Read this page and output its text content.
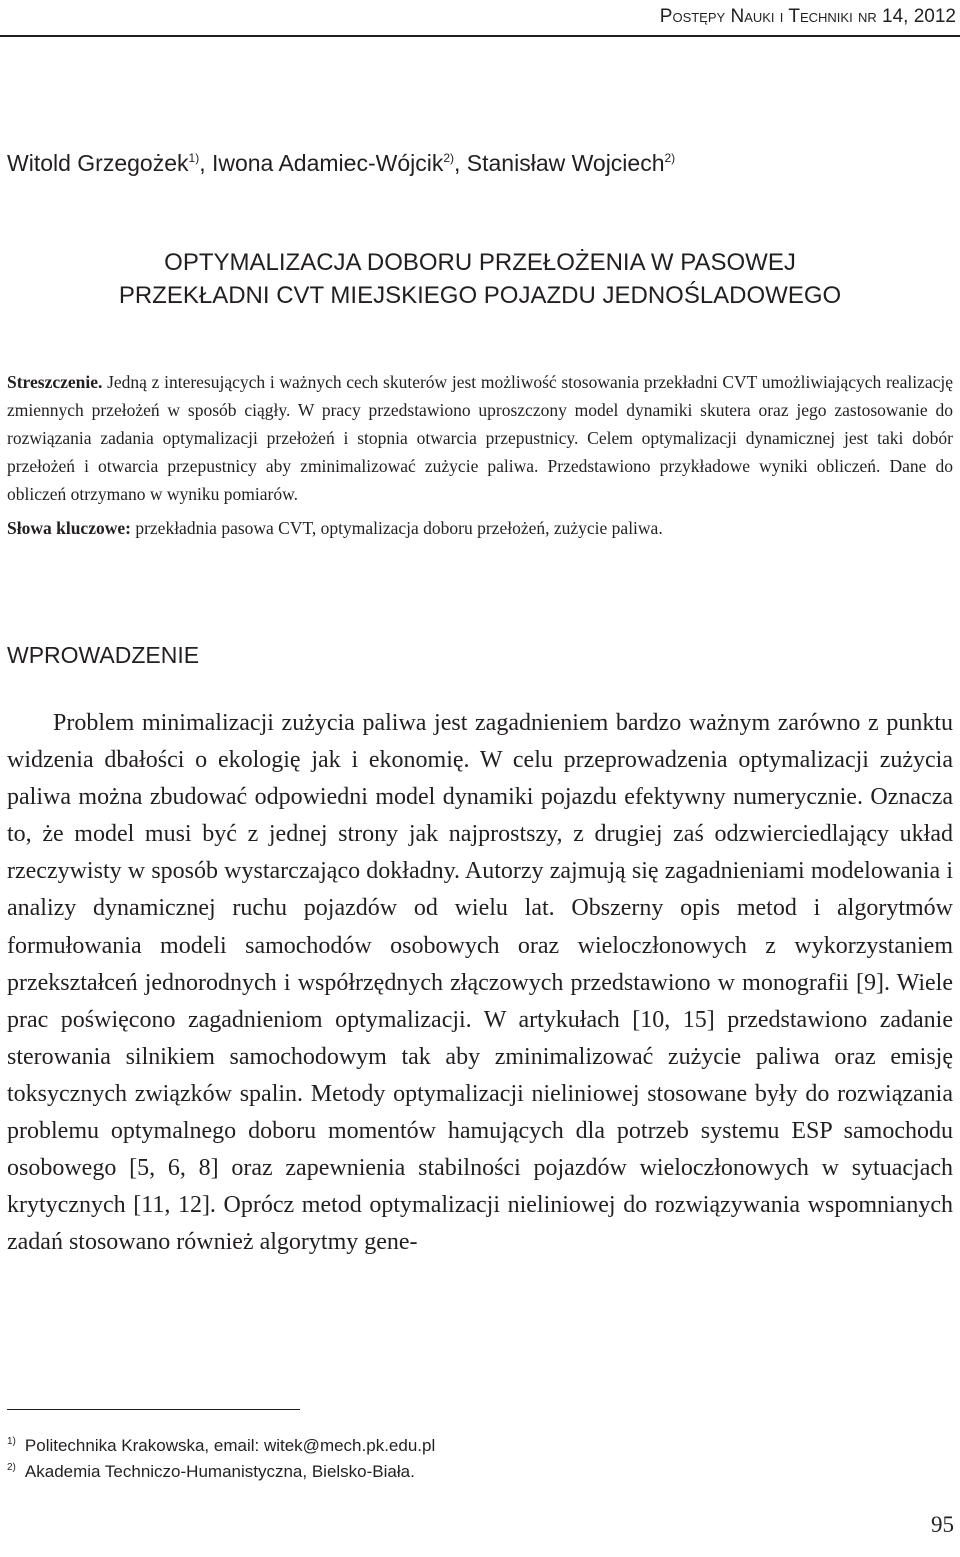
Postępy Nauki i Techniki nr 14, 2012
Witold Grzegożek$^{1)}$, Iwona Adamiec-Wójcik$^{2)}$, Stanisław Wojciech$^{2)}$
OPTYMALIZACJA DOBORU PRZEŁOŻENIA W PASOWEJ
PRZEKŁADNI CVT MIEJSKIEGO POJAZDU JEDNOŚLADOWEGO

Streszczenie. Jedną z interesujących i ważnych cech skuterów jest możliwość stosowania przekładni CVT umożliwiających realizację zmiennych przełożeń w sposób ciągły. W pracy przedstawiono uproszczony model dynamiki skutera oraz jego zastosowanie do rozwiązania zadania optymalizacji przełożeń i stopnia otwarcia przepustnicy. Celem optymalizacji dynamicznej jest taki dobór przełożeń i otwarcia przepustnicy aby zminimalizować zużycie paliwa. Przedstawiono przykładowe wyniki obliczeń. Dane do obliczeń otrzymano w wyniku pomiarów.

Słowa kluczowe: przekładnia pasowa CVT, optymalizacja doboru przełożeń, zużycie paliwa.

WPROWADZENIE

Problem minimalizacji zużycia paliwa jest zagadnieniem bardzo ważnym zarówno z punktu widzenia dbałości o ekologię jak i ekonomię. W celu przeprowadzenia optymalizacji zużycia paliwa można zbudować odpowiedni model dynamiki pojazdu efektywny numerycznie. Oznacza to, że model musi być z jednej strony jak najprostszy, z drugiej zaś odzwierciedlający układ rzeczywisty w sposób wystarczająco dokładny. Autorzy zajmują się zagadnieniami modelowania i analizy dynamicznej ruchu pojazdów od wielu lat. Obszerny opis metod i algorytmów formułowania modeli samochodów osobowych oraz wieloczłonowych z wykorzystaniem przekształceń jednorodnych i współrzędnych złączowych przedstawiono w monografii [9]. Wiele prac poświęcono zagadnieniom optymalizacji. W artykułach [10, 15] przedstawiono zadanie sterowania silnikiem samochodowym tak aby zminimalizować zużycie paliwa oraz emisję toksycznych związków spalin. Metody optymalizacji nieliniowej stosowane były do rozwiązania problemu optymalnego doboru momentów hamujących dla potrzeb systemu ESP samochodu osobowego [5, 6, 8] oraz zapewnienia stabilności pojazdów wieloczłonowych w sytuacjach krytycznych [11, 12]. Oprócz metod optymalizacji nieliniowej do rozwiązywania wspomnianych zadań stosowano również algorytmy gene-

$^{1)}$ Politechnika Krakowska, email: witek@mech.pk.edu.pl
$^{2)}$ Akademia Techniczo-Humanistyczna, Bielsko-Biała.
95
